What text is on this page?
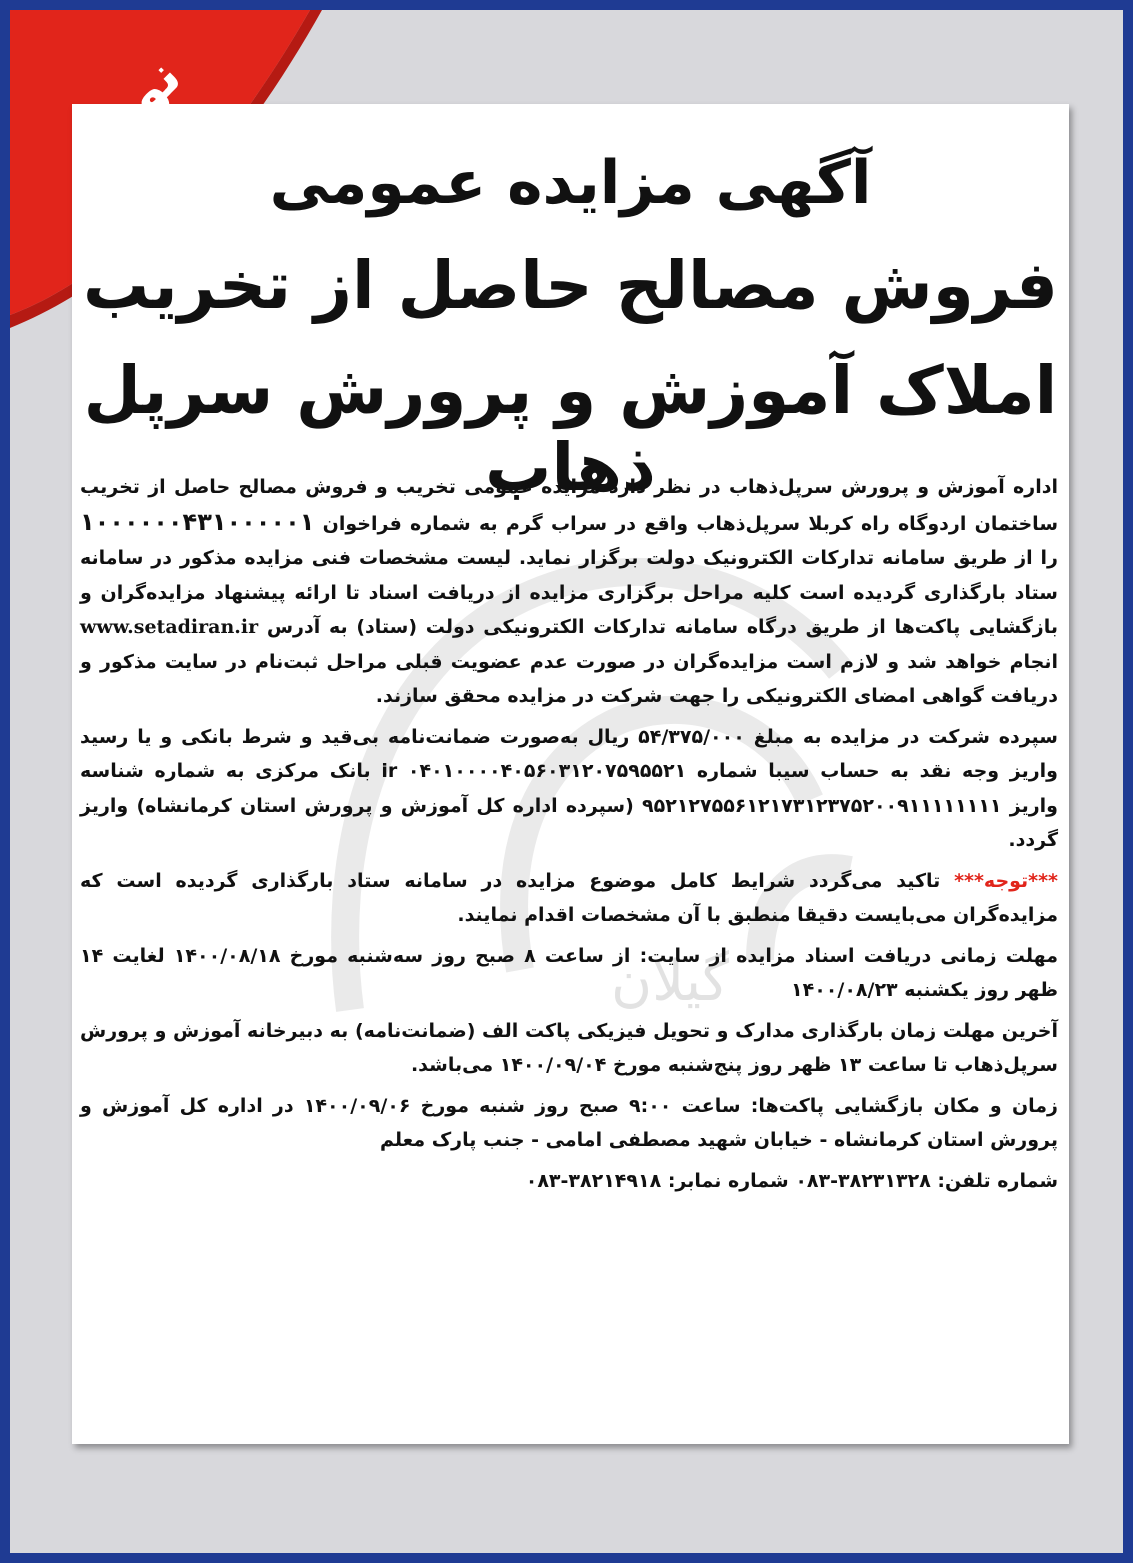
نوبت اول
گیلان
آگهی مزایده عمومی
فروش مصالح حاصل از تخریب
املاک آموزش و پرورش سرپل ذهاب

اداره آموزش و پرورش سرپل‌ذهاب در نظر دارد مزایده عمومی تخریب و فروش مصالح حاصل از تخریب ساختمان اردوگاه راه کربلا سرپل‌ذهاب واقع در سراب گرم به شماره فراخوان ۱۰۰۰۰۰۰۴۳۱۰۰۰۰۰۱ را از طریق سامانه تدارکات الکترونیک دولت برگزار نماید. لیست مشخصات فنی مزایده مذکور در سامانه ستاد بارگذاری گردیده است کلیه مراحل برگزاری مزایده از دریافت اسناد تا ارائه پیشنهاد مزایده‌گران و بازگشایی پاکت‌ها از طریق درگاه سامانه تدارکات الکترونیکی دولت (ستاد) به آدرس www.setadiran.ir انجام خواهد شد و لازم است مزایده‌گران در صورت عدم عضویت قبلی مراحل ثبت‌نام در سایت مذکور و دریافت گواهی امضای الکترونیکی را جهت شرکت در مزایده محقق سازند.

سپرده شرکت در مزایده به مبلغ ۵۴/۳۷۵/۰۰۰ ریال به‌صورت ضمانت‌نامه بی‌قید و شرط بانکی و یا رسید واریز وجه نقد به حساب سیبا شماره ir ۰۴۰۱۰۰۰۰۴۰۵۶۰۳۱۲۰۷۵۹۵۵۲۱ بانک مرکزی به شماره شناسه واریز ۹۵۲۱۲۷۵۵۶۱۲۱۷۳۱۲۳۷۵۲۰۰۹۱۱۱۱۱۱۱۱ (سپرده اداره کل آموزش و پرورش استان کرمانشاه) واریز گردد.

***توجه*** تاکید می‌گردد شرایط کامل موضوع مزایده در سامانه ستاد بارگذاری گردیده است که مزایده‌گران می‌بایست دقیقا منطبق با آن مشخصات اقدام نمایند.

مهلت زمانی دریافت اسناد مزایده از سایت: از ساعت ۸ صبح روز سه‌شنبه مورخ ۱۴۰۰/۰۸/۱۸ لغایت ۱۴ ظهر روز یکشنبه ۱۴۰۰/۰۸/۲۳

آخرین مهلت زمان بارگذاری مدارک و تحویل فیزیکی پاکت الف (ضمانت‌نامه) به دبیرخانه آموزش و پرورش سرپل‌ذهاب تا ساعت ۱۳ ظهر روز پنج‌شنبه مورخ ۱۴۰۰/۰۹/۰۴ می‌باشد.

زمان و مکان بازگشایی پاکت‌ها: ساعت ۹:۰۰ صبح روز شنبه مورخ ۱۴۰۰/۰۹/۰۶ در اداره کل آموزش و پرورش استان کرمانشاه - خیابان شهید مصطفی امامی - جنب پارک معلم

شماره تلفن: ۳۸۲۳۱۳۲۸-۰۸۳ شماره نمابر: ۳۸۲۱۴۹۱۸-۰۸۳
